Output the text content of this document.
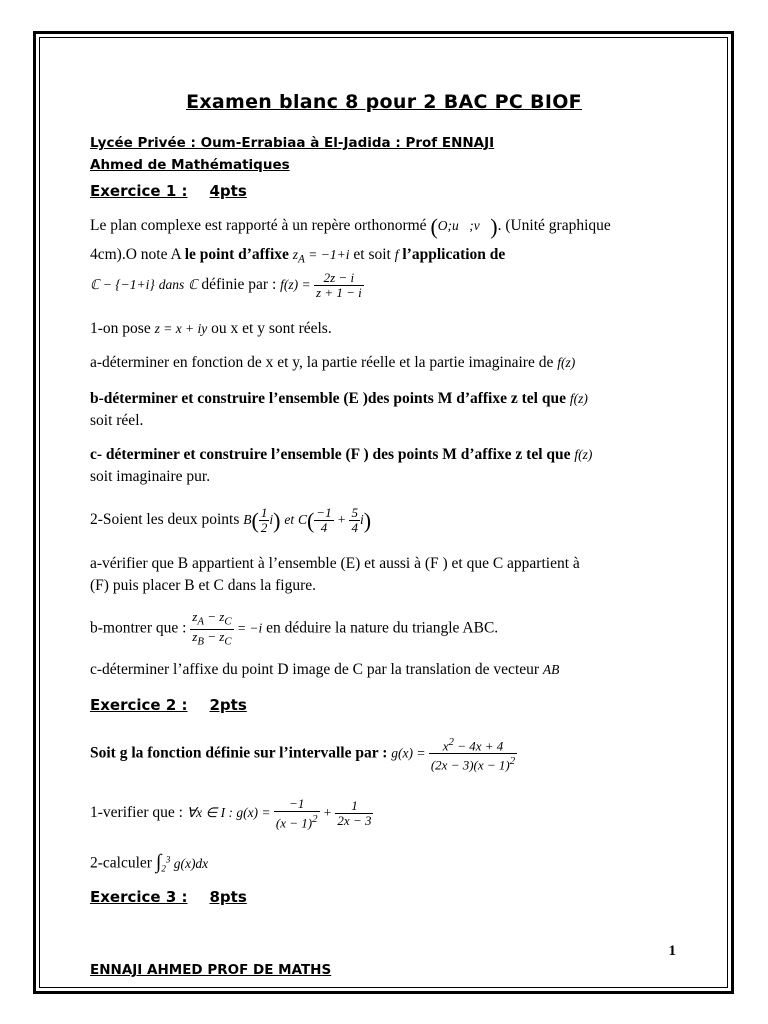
Examen blanc 8 pour 2 BAC PC BIOF
Lycée Privée : Oum-Errabiaa à El-Jadida : Prof ENNAJI
Ahmed de Mathématiques
Exercice 1 : 4pts
Le plan complexe est rapporté à un repère orthonormé (O;u⃗;v⃗). (Unité graphique
4cm).O note A le point d’affixe $z_A = -1+i$ et soit f l’application de
ℂ − {−1+i} dans ℂ définie par : $f(z) = \frac{2z - i}{z + 1 - i}$
1-on pose z = x + iy ou x et y sont réels.
a-déterminer en fonction de x et y, la partie réelle et la partie imaginaire de f(z)
b-déterminer et construire l’ensemble (E )des points M d’affixe z tel que f(z)
soit réel.
c- déterminer et construire l’ensemble (F ) des points M d’affixe z tel que f(z)
soit imaginaire pur.
2-Soient les deux points $B( \frac{1}{2} i)$ et $C( \frac{-1}{4} + \frac{5}{4} i)$
a-vérifier que B appartient à l’ensemble (E) et aussi à (F ) et que C appartient à
(F) puis placer B et C dans la figure.
b-montrer que : $\frac{z_A - z_C}{z_B - z_C} = -i$ en déduire la nature du triangle ABC.
c-déterminer l’affixe du point D image de C par la translation de vecteur AB
Exercice 2 : 2pts
Soit g la fonction définie sur l’intervalle par : $g(x) = \frac{x^2 - 4x + 4}{(2x - 3)(x - 1)^2}$
1-verifier que : ∀x ∈ I : $g(x) = \frac{-1}{(x - 1)^2} + \frac{1}{2x - 3}$
2-calculer $\int_2^3$ g(x)dx
Exercice 3 : 8pts
1
ENNAJI AHMED PROF DE MATHS
